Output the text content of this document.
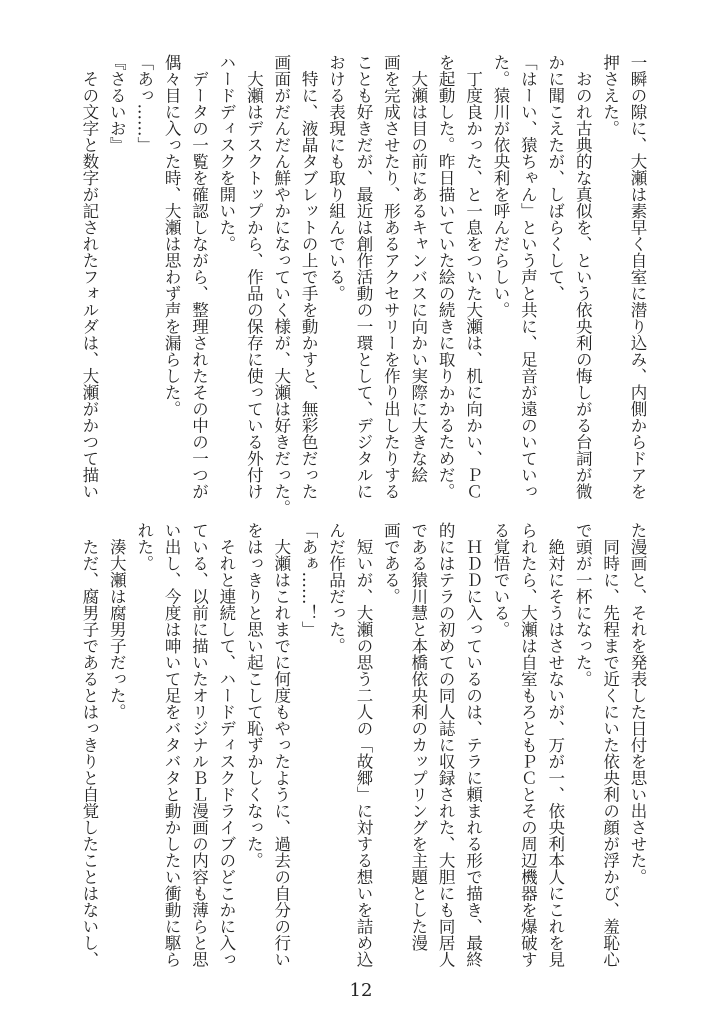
一瞬の隙に、大瀬は素早く自室に潜り込み、内側からドアを
押さえた。
　おのれ古典的な真似を、という依央利の悔しがる台詞が微
かに聞こえたが、しばらくして、
「はーい、猿ちゃん」という声と共に、足音が遠のいていっ
た。猿川が依央利を呼んだらしい。
　丁度良かった、と一息をついた大瀬は、机に向かい、ＰＣ
を起動した。昨日描いていた絵の続きに取りかかるためだ。
　大瀬は目の前にあるキャンバスに向かい実際に大きな絵
画を完成させたり、形あるアクセサリーを作り出したりする
ことも好きだが、最近は創作活動の一環として、デジタルに
おける表現にも取り組んでいる。
　特に、液晶タブレットの上で手を動かすと、無彩色だった
画面がだんだん鮮やかになっていく様が、大瀬は好きだった。
　大瀬はデスクトップから、作品の保存に使っている外付け
ハードディスクを開いた。
　データの一覧を確認しながら、整理されたその中の一つが
偶々目に入った時、大瀬は思わず声を漏らした。
「あっ……」
『さるいお』
　その文字と数字が記されたフォルダは、大瀬がかつて描い
た漫画と、それを発表した日付を思い出させた。
　同時に、先程まで近くにいた依央利の顔が浮かび、羞恥心
で頭が一杯になった。
　絶対にそうはさせないが、万が一、依央利本人にこれを見
られたら、大瀬は自室もろともＰＣとその周辺機器を爆破す
る覚悟でいる。
　ＨＤＤに入っているのは、テラに頼まれる形で描き、最終
的にはテラの初めての同人誌に収録された、大胆にも同居人
である猿川慧と本橋依央利のカップリングを主題とした漫
画である。
　短いが、大瀬の思う二人の「故郷」に対する想いを詰め込
んだ作品だった。
「あぁ……！」
　大瀬はこれまでに何度もやったように、過去の自分の行い
をはっきりと思い起こして恥ずかしくなった。
　それと連続して、ハードディスクドライブのどこかに入っ
ている、以前に描いたオリジナルＢＬ漫画の内容も薄らと思
い出し、今度は呻いて足をバタバタと動かしたい衝動に駆ら
れた。
　湊大瀬は腐男子だった。
　ただ、腐男子であるとはっきりと自覚したことはないし、
12
